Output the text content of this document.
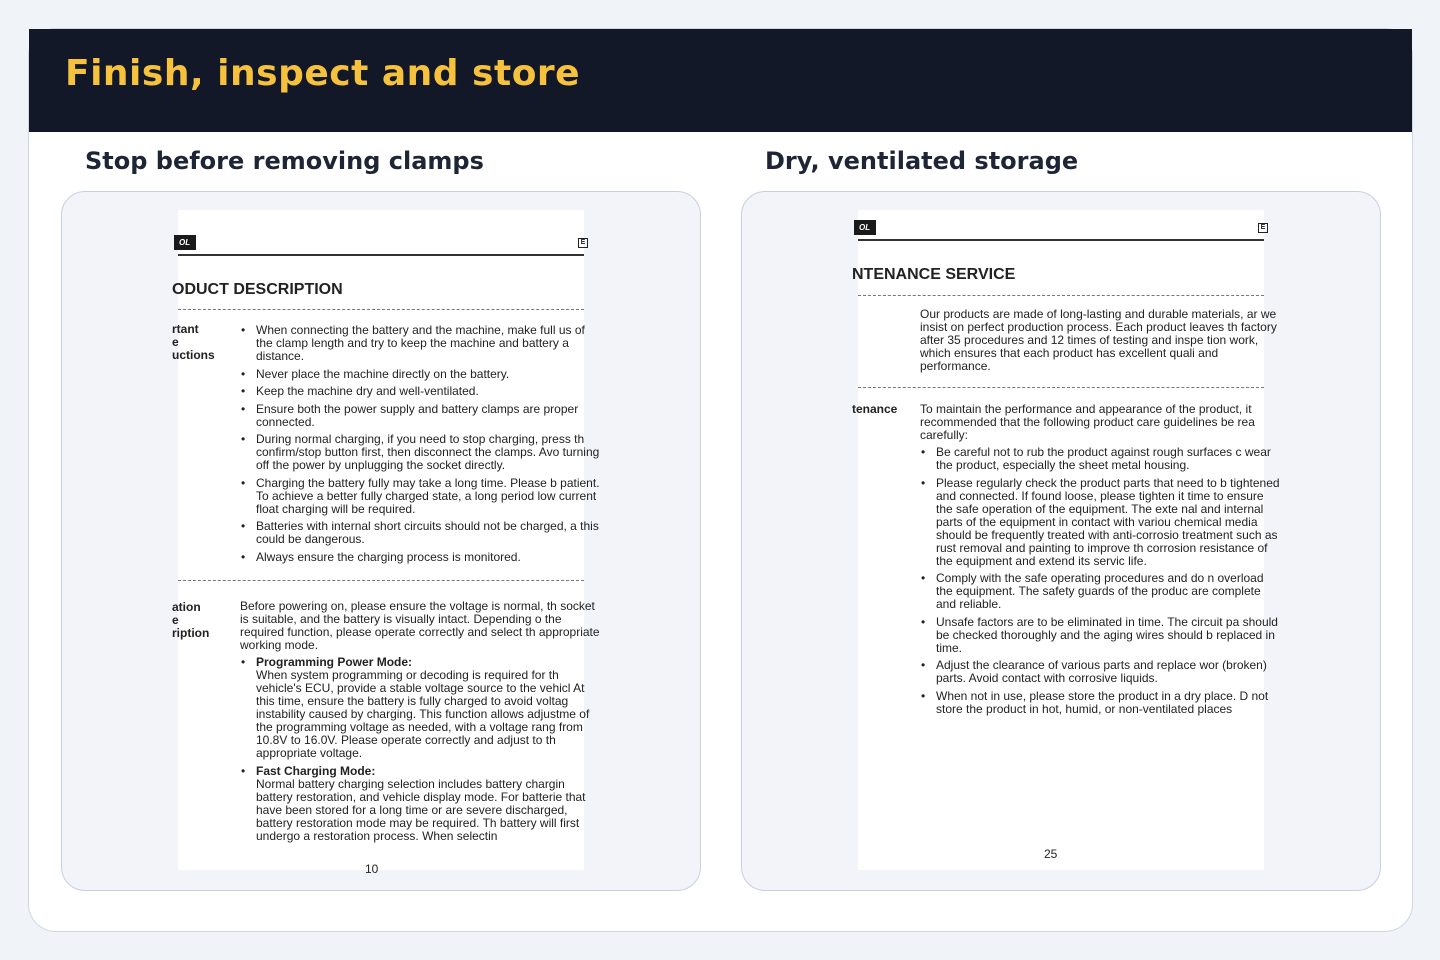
Finish, inspect and store
Stop before removing clamps
OL	E
ODUCT DESCRIPTION
rtant
e
uctions
• When connecting the battery and the machine, make full us of the clamp length and try to keep the machine and battery a distance.
• Never place the machine directly on the battery.
• Keep the machine dry and well-ventilated.
• Ensure both the power supply and battery clamps are proper connected.
• During normal charging, if you need to stop charging, press th confirm/stop button first, then disconnect the clamps. Avo turning off the power by unplugging the socket directly.
• Charging the battery fully may take a long time. Please b patient. To achieve a better fully charged state, a long period low current float charging will be required.
• Batteries with internal short circuits should not be charged, a this could be dangerous.
• Always ensure the charging process is monitored.
ation
e
ription

Before powering on, please ensure the voltage is normal, th socket is suitable, and the battery is visually intact. Depending o the required function, please operate correctly and select th appropriate working mode.

• Programming Power Mode:
When system programming or decoding is required for th vehicle's ECU, provide a stable voltage source to the vehicl At this time, ensure the battery is fully charged to avoid voltag instability caused by charging. This function allows adjustme of the programming voltage as needed, with a voltage rang from 10.8V to 16.0V. Please operate correctly and adjust to th appropriate voltage.
• Fast Charging Mode:
Normal battery charging selection includes battery chargin battery restoration, and vehicle display mode. For batterie that have been stored for a long time or are severe discharged, battery restoration mode may be required. Th battery will first undergo a restoration process. When selectin
10
Dry, ventilated storage
OL	E
NTENANCE SERVICE

Our products are made of long-lasting and durable materials, ar we insist on perfect production process. Each product leaves th factory after 35 procedures and 12 times of testing and inspe tion work, which ensures that each product has excellent quali and performance.

tenance To maintain the performance and appearance of the product, it recommended that the following product care guidelines be rea carefully:

• Be careful not to rub the product against rough surfaces c wear the product, especially the sheet metal housing.
• Please regularly check the product parts that need to b tightened and connected. If found loose, please tighten it time to ensure the safe operation of the equipment. The exte nal and internal parts of the equipment in contact with variou chemical media should be frequently treated with anti-corrosio treatment such as rust removal and painting to improve th corrosion resistance of the equipment and extend its servic life.
• Comply with the safe operating procedures and do n overload the equipment. The safety guards of the produc are complete and reliable.
• Unsafe factors are to be eliminated in time. The circuit pa should be checked thoroughly and the aging wires should b replaced in time.
• Adjust the clearance of various parts and replace wor (broken) parts. Avoid contact with corrosive liquids.
• When not in use, please store the product in a dry place. D not store the product in hot, humid, or non-ventilated places
25
